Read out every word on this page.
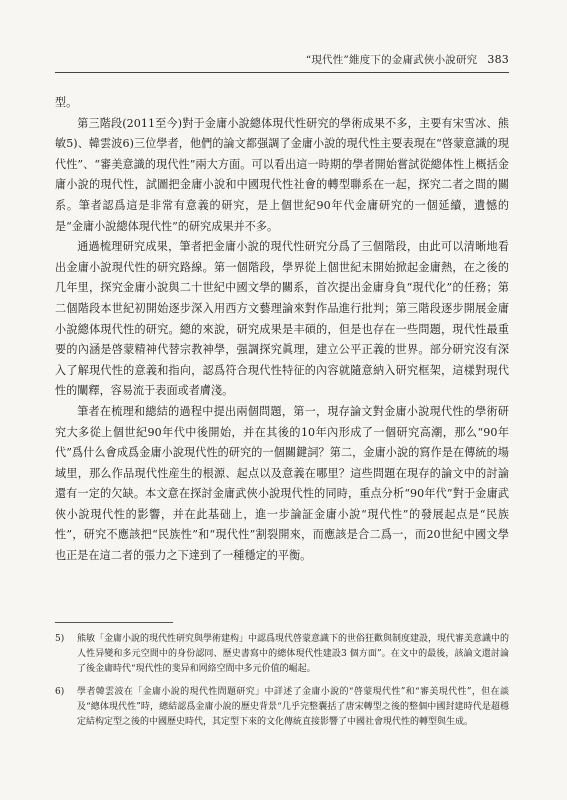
“現代性”維度下的金庸武俠小說研究 383

型。

第三階段(2011至今)對于金庸小說總体現代性研究的學術成果不多，主要有宋雪冰、熊敏5)、韓雲波6)三位學者，他們的論文都强調了金庸小說的現代性主要表現在“啓蒙意識的現代性”、“審美意識的現代性”兩大方面。可以看出這一時期的學者開始嘗試從總体性上概括金庸小說的現代性，試圖把金庸小說和中國現代性社會的轉型聯系在一起，探究二者之間的關系。筆者認爲這是非常有意義的研究，是上個世紀90年代金庸研究的一個延續，遺憾的是“金庸小說總体現代性”的研究成果并不多。

通過梳理研究成果，筆者把金庸小說的現代性研究分爲了三個階段，由此可以清晰地看出金庸小說現代性的研究路線。第一個階段，學界從上個世紀末開始掀起金庸熱，在之後的几年里，探究金庸小說與二十世紀中國文學的關系，首次提出金庸身負“現代化”的任務；第二個階段本世紀初開始逐步深入用西方文藝理論來對作品進行批判；第三階段逐步開展金庸小說總体現代性的研究。總的來說，研究成果是丰碩的，但是也存在一些問題，現代性最重要的內涵是啓蒙精神代替宗教神學，强調探究眞理，建立公平正義的世界。部分研究沒有深入了解現代性的意義和指向，認爲符合現代性特征的內容就隨意納入研究框架，這樣對現代性的闡釋，容易流于表面或者膚淺。

筆者在梳理和總結的過程中提出兩個問題，第一，現存論文對金庸小說現代性的學術研究大多從上個世紀90年代中後開始，并在其後的10年內形成了一個研究高潮，那么“90年代”爲什么會成爲金庸小說現代性的研究的一個關鍵詞？第二，金庸小說的寫作是在傳統的場域里，那么作品現代性産生的根源、起点以及意義在哪里？這些問題在現存的論文中的討論還有一定的欠缺。本文意在探討金庸武俠小說現代性的同時，重点分析“90年代”對于金庸武俠小說現代性的影響，并在此基础上，進一步論証金庸小說“現代性”的發展起点是“民族性”，研究不應該把“民族性”和“現代性”割裂開來，而應該是合二爲一，而20世紀中國文學也正是在這二者的張力之下達到了一種穩定的平衡。

5)	熊敏「金庸小說的現代性研究與學術建构」中認爲現代啓蒙意識下的世俗狂歡與制度建設，現代審美意識中的人性异變和多元空間中的身份認同、歷史書寫中的總体現代性建設3 個方面”。在文中的最後，該論文還討論了後金庸時代“現代性的斐异和网絡空間中多元价值的崛起。
6)	學者韓雲波在「金庸小說的現代性問題研究」中詳述了金庸小說的“啓蒙現代性”和“審美現代性”，但在談及“總体現代性”時，總結認爲金庸小說的歷史背景“几乎完整囊括了唐宋轉型之後的整個中國封建時代是超穩定結构定型之後的中國歷史時代，其定型下來的文化傳統直接影響了中國社會現代性的轉型與生成。
